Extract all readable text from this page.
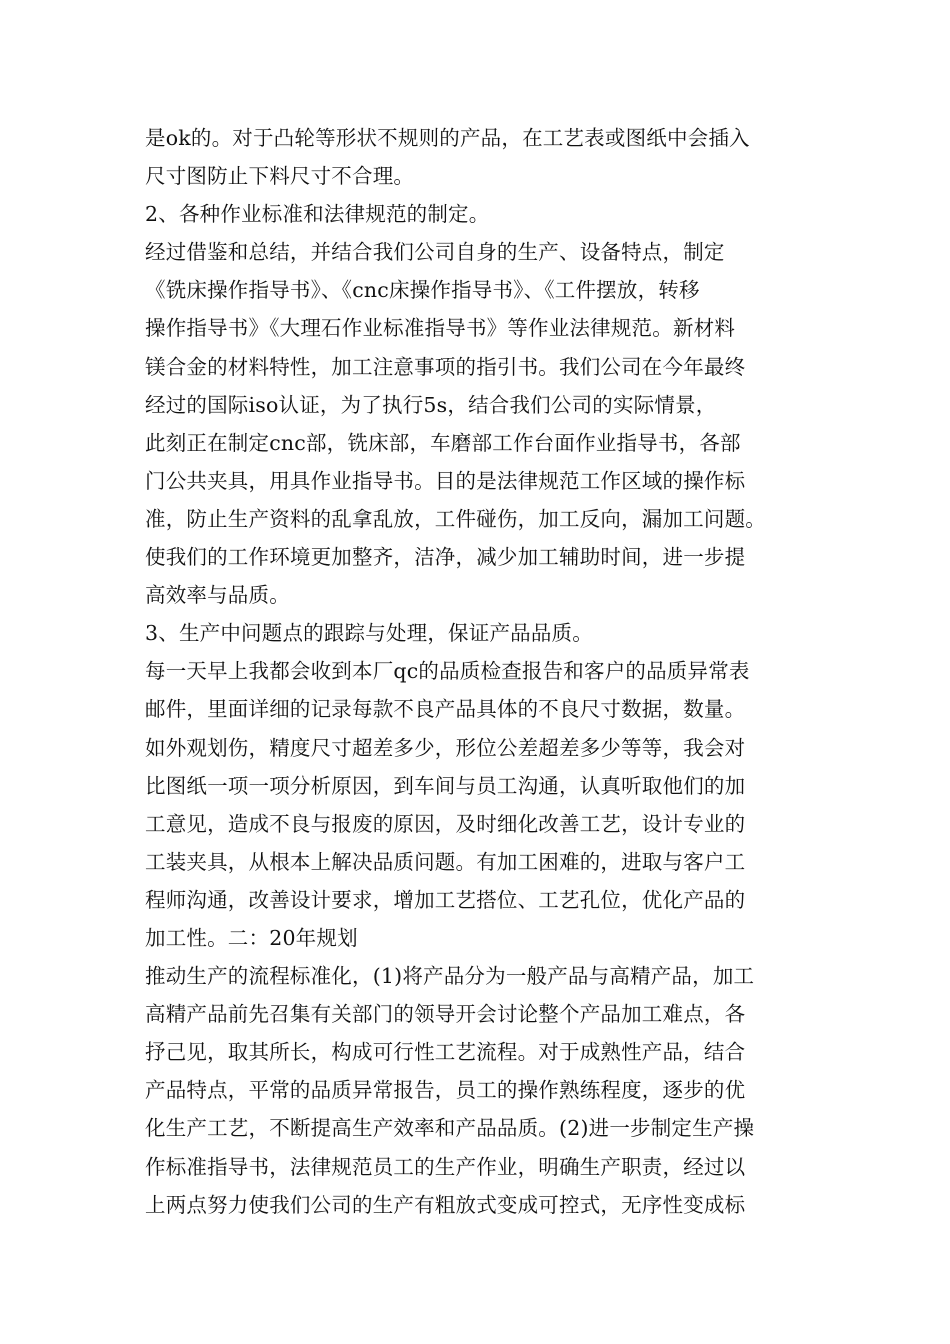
是ok的。对于凸轮等形状不规则的产品，在工艺表或图纸中会插入
尺寸图防止下料尺寸不合理。
2、各种作业标准和法律规范的制定。
经过借鉴和总结，并结合我们公司自身的生产、设备特点，制定
《铣床操作指导书》、《cnc床操作指导书》、《工件摆放，转移
操作指导书》《大理石作业标准指导书》等作业法律规范。新材料
镁合金的材料特性，加工注意事项的指引书。我们公司在今年最终
经过的国际iso认证，为了执行5s，结合我们公司的实际情景，
此刻正在制定cnc部，铣床部，车磨部工作台面作业指导书，各部
门公共夹具，用具作业指导书。目的是法律规范工作区域的操作标
准，防止生产资料的乱拿乱放，工件碰伤，加工反向，漏加工问题。
使我们的工作环境更加整齐，洁净，减少加工辅助时间，进一步提
高效率与品质。
3、生产中问题点的跟踪与处理，保证产品品质。
每一天早上我都会收到本厂qc的品质检查报告和客户的品质异常表
邮件，里面详细的记录每款不良产品具体的不良尺寸数据，数量。
如外观划伤，精度尺寸超差多少，形位公差超差多少等等，我会对
比图纸一项一项分析原因，到车间与员工沟通，认真听取他们的加
工意见，造成不良与报废的原因，及时细化改善工艺，设计专业的
工装夹具，从根本上解决品质问题。有加工困难的，进取与客户工
程师沟通，改善设计要求，增加工艺搭位、工艺孔位，优化产品的
加工性。二：20年规划
推动生产的流程标准化，(1)将产品分为一般产品与高精产品，加工
高精产品前先召集有关部门的领导开会讨论整个产品加工难点，各
抒己见，取其所长，构成可行性工艺流程。对于成熟性产品，结合
产品特点，平常的品质异常报告，员工的操作熟练程度，逐步的优
化生产工艺，不断提高生产效率和产品品质。(2)进一步制定生产操
作标准指导书，法律规范员工的生产作业，明确生产职责，经过以
上两点努力使我们公司的生产有粗放式变成可控式，无序性变成标
